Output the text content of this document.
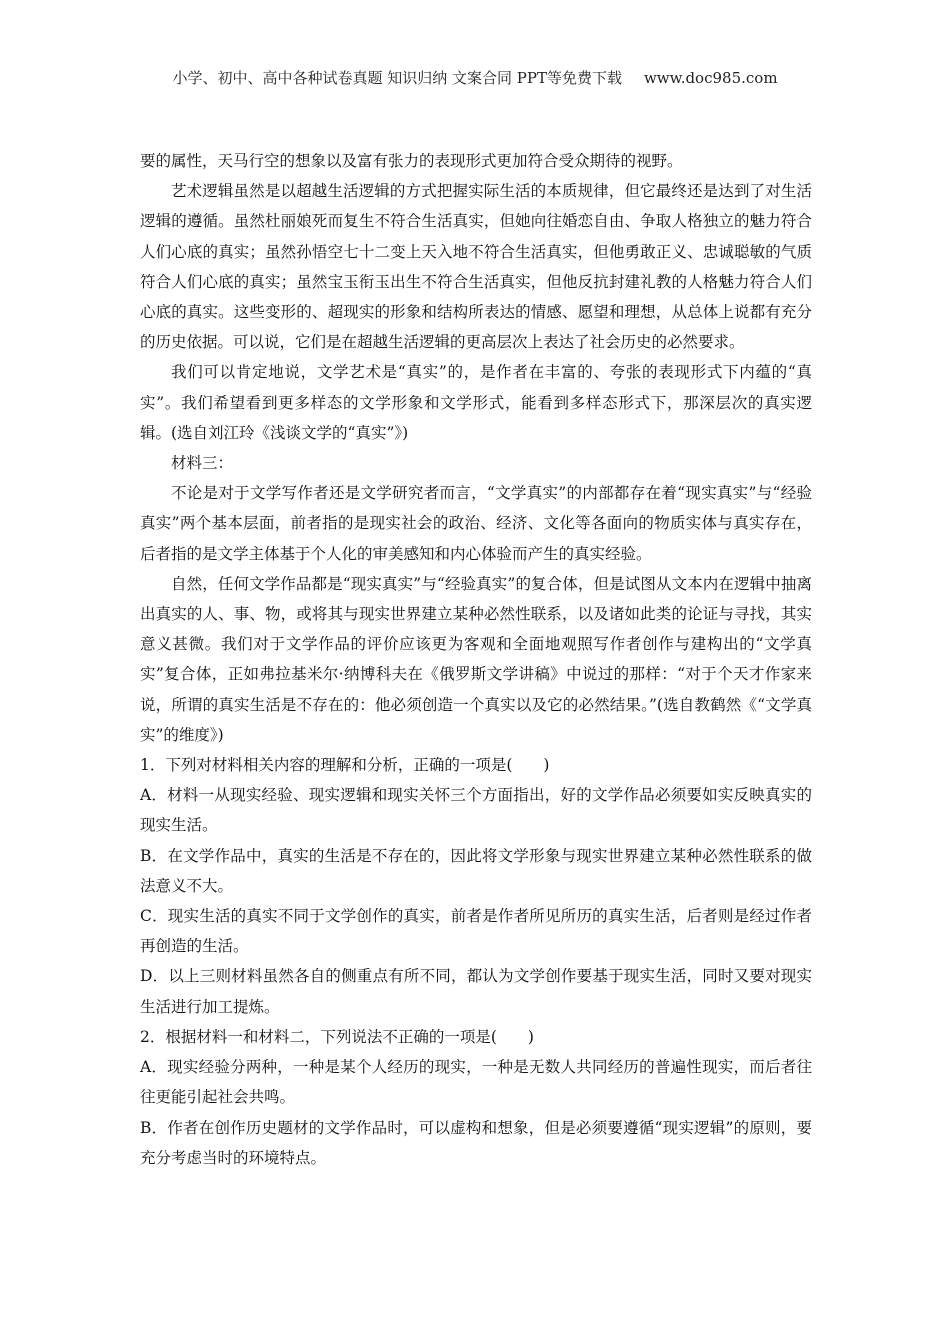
小学、初中、高中各种试卷真题 知识归纳 文案合同 PPT等免费下载 www.doc985.com

要的属性，天马行空的想象以及富有张力的表现形式更加符合受众期待的视野。

艺术逻辑虽然是以超越生活逻辑的方式把握实际生活的本质规律，但它最终还是达到了对生活逻辑的遵循。虽然杜丽娘死而复生不符合生活真实，但她向往婚恋自由、争取人格独立的魅力符合人们心底的真实；虽然孙悟空七十二变上天入地不符合生活真实，但他勇敢正义、忠诚聪敏的气质符合人们心底的真实；虽然宝玉衔玉出生不符合生活真实，但他反抗封建礼教的人格魅力符合人们心底的真实。这些变形的、超现实的形象和结构所表达的情感、愿望和理想，从总体上说都有充分的历史依据。可以说，它们是在超越生活逻辑的更高层次上表达了社会历史的必然要求。

我们可以肯定地说，文学艺术是“真实”的，是作者在丰富的、夸张的表现形式下内蕴的“真实”。我们希望看到更多样态的文学形象和文学形式，能看到多样态形式下，那深层次的真实逻辑。(选自刘江玲《浅谈文学的“真实”》)

材料三：

不论是对于文学写作者还是文学研究者而言，“文学真实”的内部都存在着“现实真实”与“经验真实”两个基本层面，前者指的是现实社会的政治、经济、文化等各面向的物质实体与真实存在，后者指的是文学主体基于个人化的审美感知和内心体验而产生的真实经验。

自然，任何文学作品都是“现实真实”与“经验真实”的复合体，但是试图从文本内在逻辑中抽离出真实的人、事、物，或将其与现实世界建立某种必然性联系，以及诸如此类的论证与寻找，其实意义甚微。我们对于文学作品的评价应该更为客观和全面地观照写作者创作与建构出的“文学真实”复合体，正如弗拉基米尔·纳博科夫在《俄罗斯文学讲稿》中说过的那样：“对于个天才作家来说，所谓的真实生活是不存在的：他必须创造一个真实以及它的必然结果。”(选自教鹤然《“文学真实”的维度》)

1．下列对材料相关内容的理解和分析，正确的一项是(　　)

A．材料一从现实经验、现实逻辑和现实关怀三个方面指出，好的文学作品必须要如实反映真实的现实生活。

B．在文学作品中，真实的生活是不存在的，因此将文学形象与现实世界建立某种必然性联系的做法意义不大。

C．现实生活的真实不同于文学创作的真实，前者是作者所见所历的真实生活，后者则是经过作者再创造的生活。

D．以上三则材料虽然各自的侧重点有所不同，都认为文学创作要基于现实生活，同时又要对现实生活进行加工提炼。

2．根据材料一和材料二，下列说法不正确的一项是(　　)

A．现实经验分两种，一种是某个人经历的现实，一种是无数人共同经历的普遍性现实，而后者往往更能引起社会共鸣。

B．作者在创作历史题材的文学作品时，可以虚构和想象，但是必须要遵循“现实逻辑”的原则，要充分考虑当时的环境特点。
